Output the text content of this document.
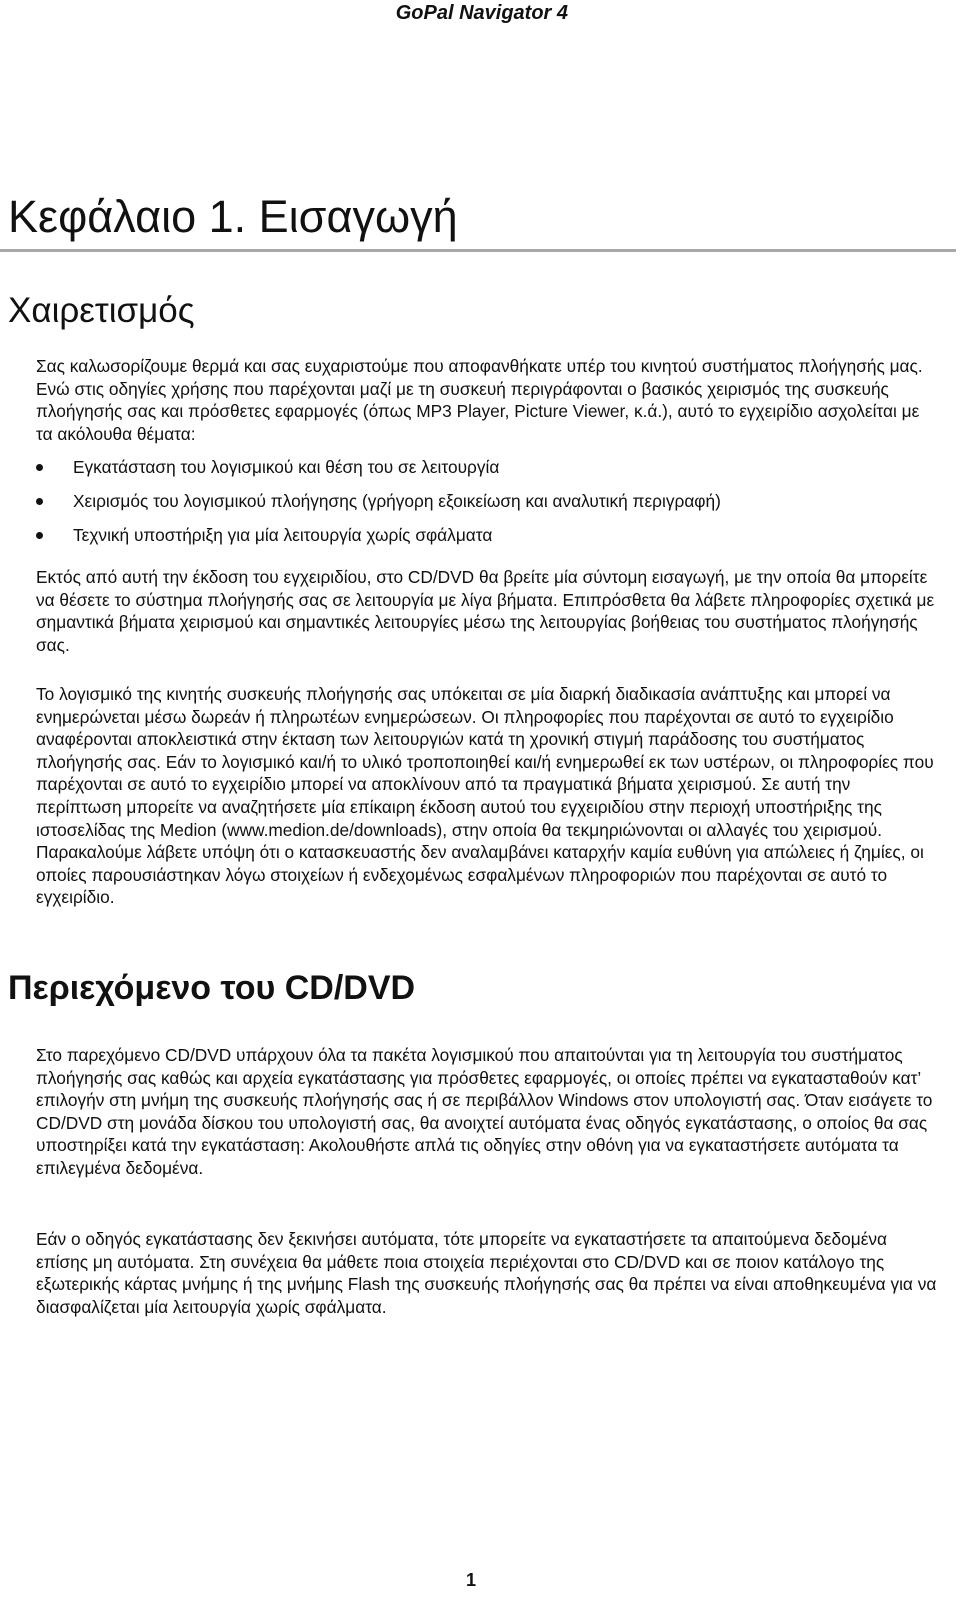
GoPal Navigator 4
Κεφάλαιο 1. Εισαγωγή
Χαιρετισμός

Σας καλωσορίζουμε θερμά και σας ευχαριστούμε που αποφανθήκατε υπέρ του κινητού συστήματος πλοήγησής μας. Ενώ στις οδηγίες χρήσης που παρέχονται μαζί με τη συσκευή περιγράφονται ο βασικός χειρισμός της συσκευής πλοήγησής σας και πρόσθετες εφαρμογές (όπως MP3 Player, Picture Viewer, κ.ά.), αυτό το εγχειρίδιο ασχολείται με τα ακόλουθα θέματα:

Εγκατάσταση του λογισμικού και θέση του σε λειτουργία
Χειρισμός του λογισμικού πλοήγησης (γρήγορη εξοικείωση και αναλυτική περιγραφή)
Τεχνική υποστήριξη για μία λειτουργία χωρίς σφάλματα

Εκτός από αυτή την έκδοση του εγχειριδίου, στο CD/DVD θα βρείτε μία σύντομη εισαγωγή, με την οποία θα μπορείτε να θέσετε το σύστημα πλοήγησής σας σε λειτουργία με λίγα βήματα. Επιπρόσθετα θα λάβετε πληροφορίες σχετικά με σημαντικά βήματα χειρισμού και σημαντικές λειτουργίες μέσω της λειτουργίας βοήθειας του συστήματος πλοήγησής σας.

Το λογισμικό της κινητής συσκευής πλοήγησής σας υπόκειται σε μία διαρκή διαδικασία ανάπτυξης και μπορεί να ενημερώνεται μέσω δωρεάν ή πληρωτέων ενημερώσεων. Οι πληροφορίες που παρέχονται σε αυτό το εγχειρίδιο αναφέρονται αποκλειστικά στην έκταση των λειτουργιών κατά τη χρονική στιγμή παράδοσης του συστήματος πλοήγησής σας. Εάν το λογισμικό και/ή το υλικό τροποποιηθεί και/ή ενημερωθεί εκ των υστέρων, οι πληροφορίες που παρέχονται σε αυτό το εγχειρίδιο μπορεί να αποκλίνουν από τα πραγματικά βήματα χειρισμού. Σε αυτή την περίπτωση μπορείτε να αναζητήσετε μία επίκαιρη έκδοση αυτού του εγχειριδίου στην περιοχή υποστήριξης της ιστοσελίδας της Medion (www.medion.de/downloads), στην οποία θα τεκμηριώνονται οι αλλαγές του χειρισμού. Παρακαλούμε λάβετε υπόψη ότι ο κατασκευαστής δεν αναλαμβάνει καταρχήν καμία ευθύνη για απώλειες ή ζημίες, οι οποίες παρουσιάστηκαν λόγω στοιχείων ή ενδεχομένως εσφαλμένων πληροφοριών που παρέχονται σε αυτό το εγχειρίδιο.

Περιεχόμενο του CD/DVD

Στο παρεχόμενο CD/DVD υπάρχουν όλα τα πακέτα λογισμικού που απαιτούνται για τη λειτουργία του συστήματος πλοήγησής σας καθώς και αρχεία εγκατάστασης για πρόσθετες εφαρμογές, οι οποίες πρέπει να εγκατασταθούν κατ’ επιλογήν στη μνήμη της συσκευής πλοήγησής σας ή σε περιβάλλον Windows στον υπολογιστή σας. Όταν εισάγετε το CD/DVD στη μονάδα δίσκου του υπολογιστή σας, θα ανοιχτεί αυτόματα ένας οδηγός εγκατάστασης, ο οποίος θα σας υποστηρίξει κατά την εγκατάσταση: Ακολουθήστε απλά τις οδηγίες στην οθόνη για να εγκαταστήσετε αυτόματα τα επιλεγμένα δεδομένα.

Εάν ο οδηγός εγκατάστασης δεν ξεκινήσει αυτόματα, τότε μπορείτε να εγκαταστήσετε τα απαιτούμενα δεδομένα επίσης μη αυτόματα. Στη συνέχεια θα μάθετε ποια στοιχεία περιέχονται στο CD/DVD και σε ποιον κατάλογο της εξωτερικής κάρτας μνήμης ή της μνήμης Flash της συσκευής πλοήγησής σας θα πρέπει να είναι αποθηκευμένα για να διασφαλίζεται μία λειτουργία χωρίς σφάλματα.

1
